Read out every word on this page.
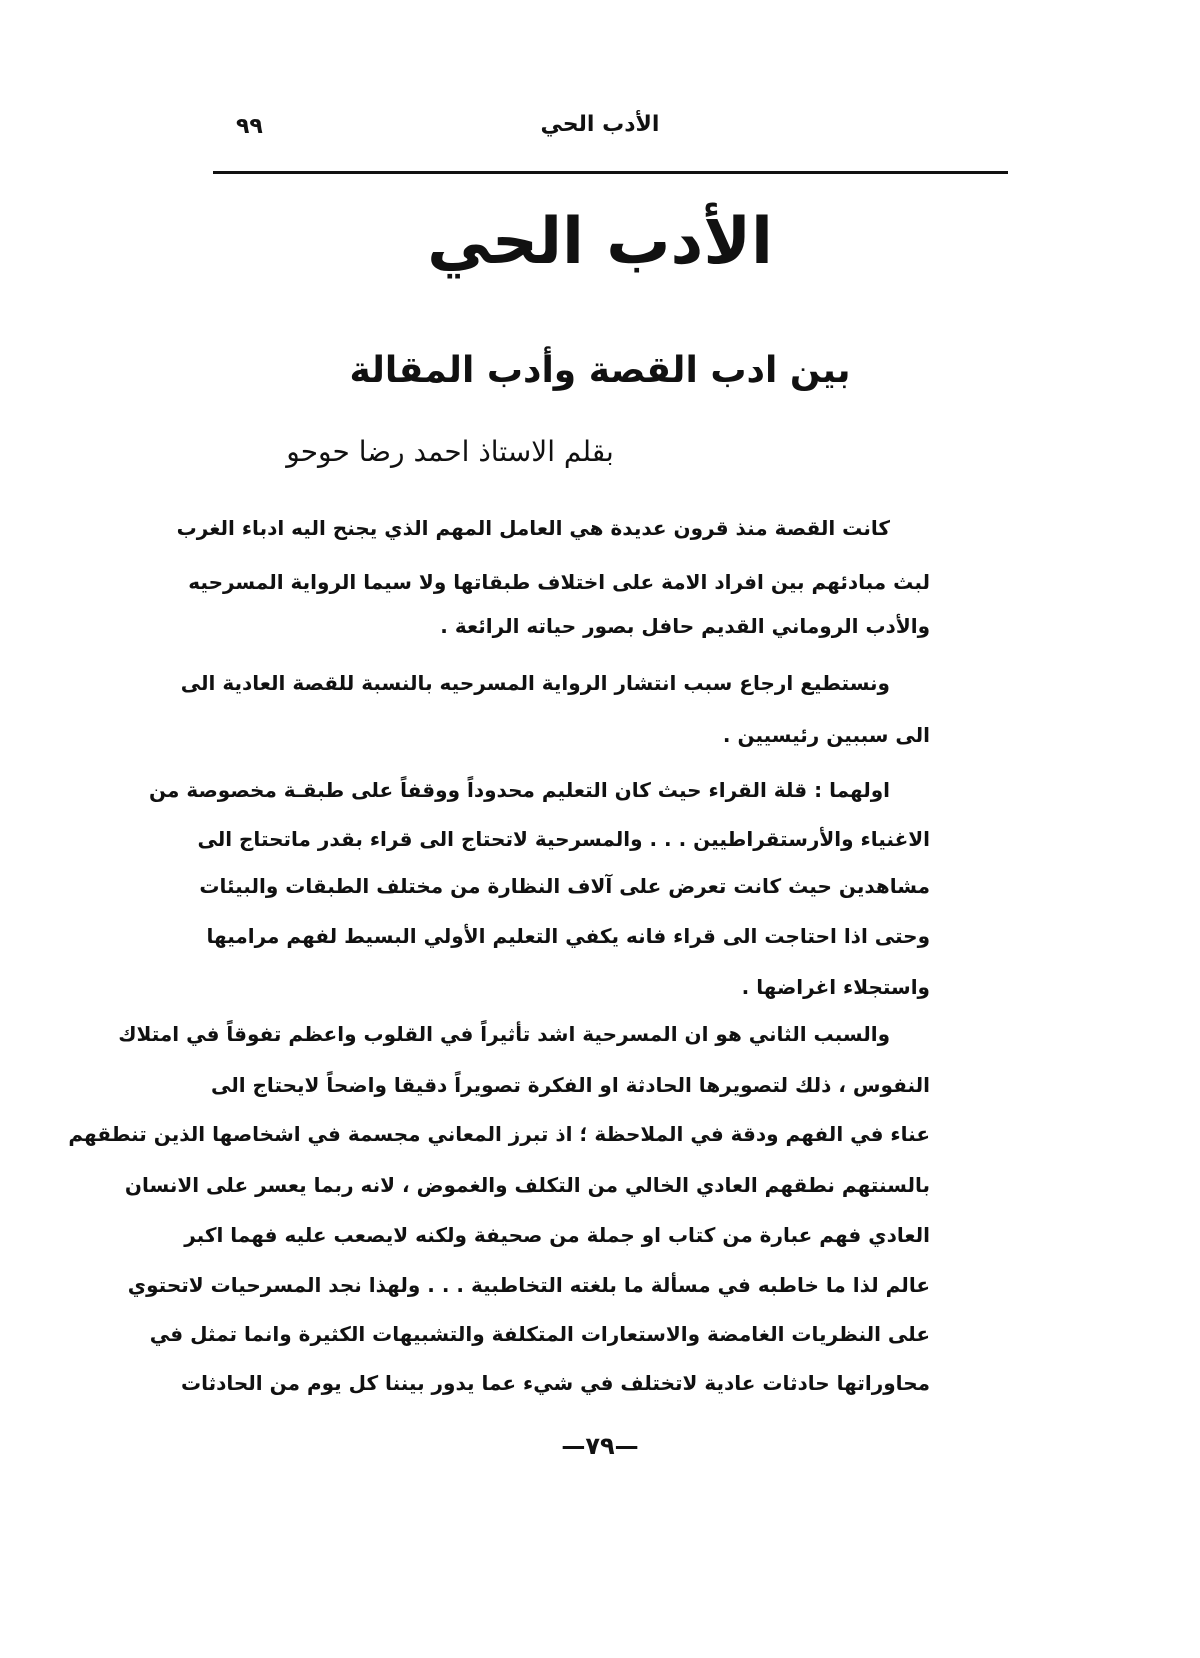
٩٩	الأدب الحي
الأدب الحي
بين ادب القصة وأدب المقالة
بقلم الاستاذ احمد رضا حوحو
كانت القصة منذ قرون عديدة هي العامل المهم الذي يجنح اليه ادباء الغرب
لبث مبادئهم بين افراد الامة على اختلاف طبقاتها ولا سيما الرواية المسرحيه
والأدب الروماني القديم حافل بصور حياته الرائعة .
ونستطيع ارجاع سبب انتشار الرواية المسرحيه بالنسبة للقصة العادية الى
الى سببين رئيسيين .
اولهما : قلة القراء حيث كان التعليم محدوداً ووقفاً على طبقـة مخصوصة من
الاغنياء والأرستقراطيين . . . والمسرحية لاتحتاج الى قراء بقدر ماتحتاج الى
مشاهدين حيث كانت تعرض على آلاف النظارة من مختلف الطبقات والبيئات
وحتى اذا احتاجت الى قراء فانه يكفي التعليم الأولي البسيط لفهم مراميها
واستجلاء اغراضها .
والسبب الثاني هو ان المسرحية اشد تأثيراً في القلوب واعظم تفوقاً في امتلاك
النفوس ، ذلك لتصويرها الحادثة او الفكرة تصويراً دقيقا واضحاً لايحتاج الى
عناء في الفهم ودقة في الملاحظة ؛ اذ تبرز المعاني مجسمة في اشخاصها الذين تنطقهم
بالسنتهم نطقهم العادي الخالي من التكلف والغموض ، لانه ربما يعسر على الانسان
العادي فهم عبارة من كتاب او جملة من صحيفة ولكنه لايصعب عليه فهما اكبر
عالم لذا ما خاطبه في مسألة ما بلغته التخاطبية . . . ولهذا نجد المسرحيات لاتحتوي
على النظريات الغامضة والاستعارات المتكلفة والتشبيهات الكثيرة وانما تمثل في
محاوراتها حادثات عادية لاتختلف في شيء عما يدور بيننا كل يوم من الحادثات
—٧٩—
